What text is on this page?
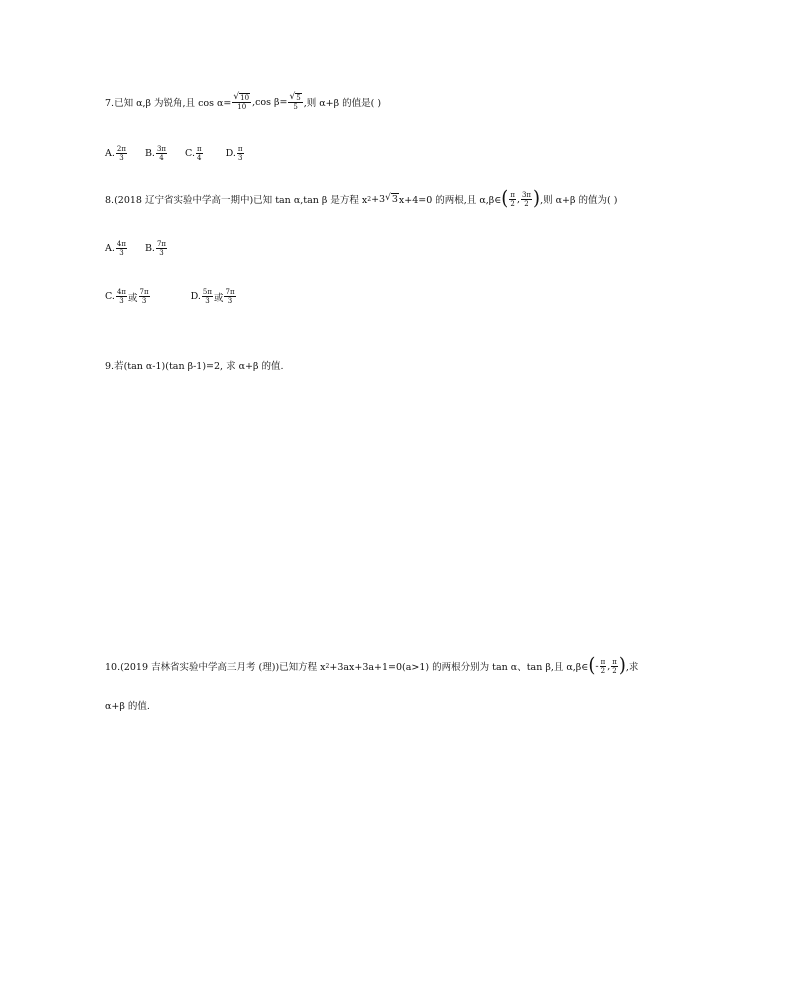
7.已知 α,β 为锐角,且 $\cos \alpha= \frac{√ 10}{10} ,\cos$ $\beta= \frac{√ 5}{5}$ ,则 α+β 的值是( )
A. $\frac{2\pi}{3} B$. $\frac{3\pi}{4} C$. $\frac{\pi}{4} D$. $\frac{\pi}{3}$
8.(2018 辽宁省实验中学高一期中)已知 tan α,tan β 是方程 x 2 +3 √ 3 x+4=0 的两根,且 α,β∈ ( $\frac{\pi}{2}$ , $\frac{3\pi}{2}$ ) ,则 α+β 的值为( )
A. $\frac{4\pi}{3} B$. $\frac{7\pi}{3}$
C. $\frac{4\pi}{3}$ 或 $\frac{7\pi}{3}$	D. $\frac{5\pi}{3}$ 或 $\frac{7\pi}{3}$
9.若(tan α-1)(tan β-1)=2, 求 α+β 的值.
10.(2019 吉林省实验中学高三月考 (理))已知方程 x 2 +3ax+3a+1=0(a>1) 的两根分别为 tan α、tan β,且 α,β∈ ( - $\frac{\pi}{2}$ , $\frac{\pi}{2}$ ) ,求
α+β 的值.
